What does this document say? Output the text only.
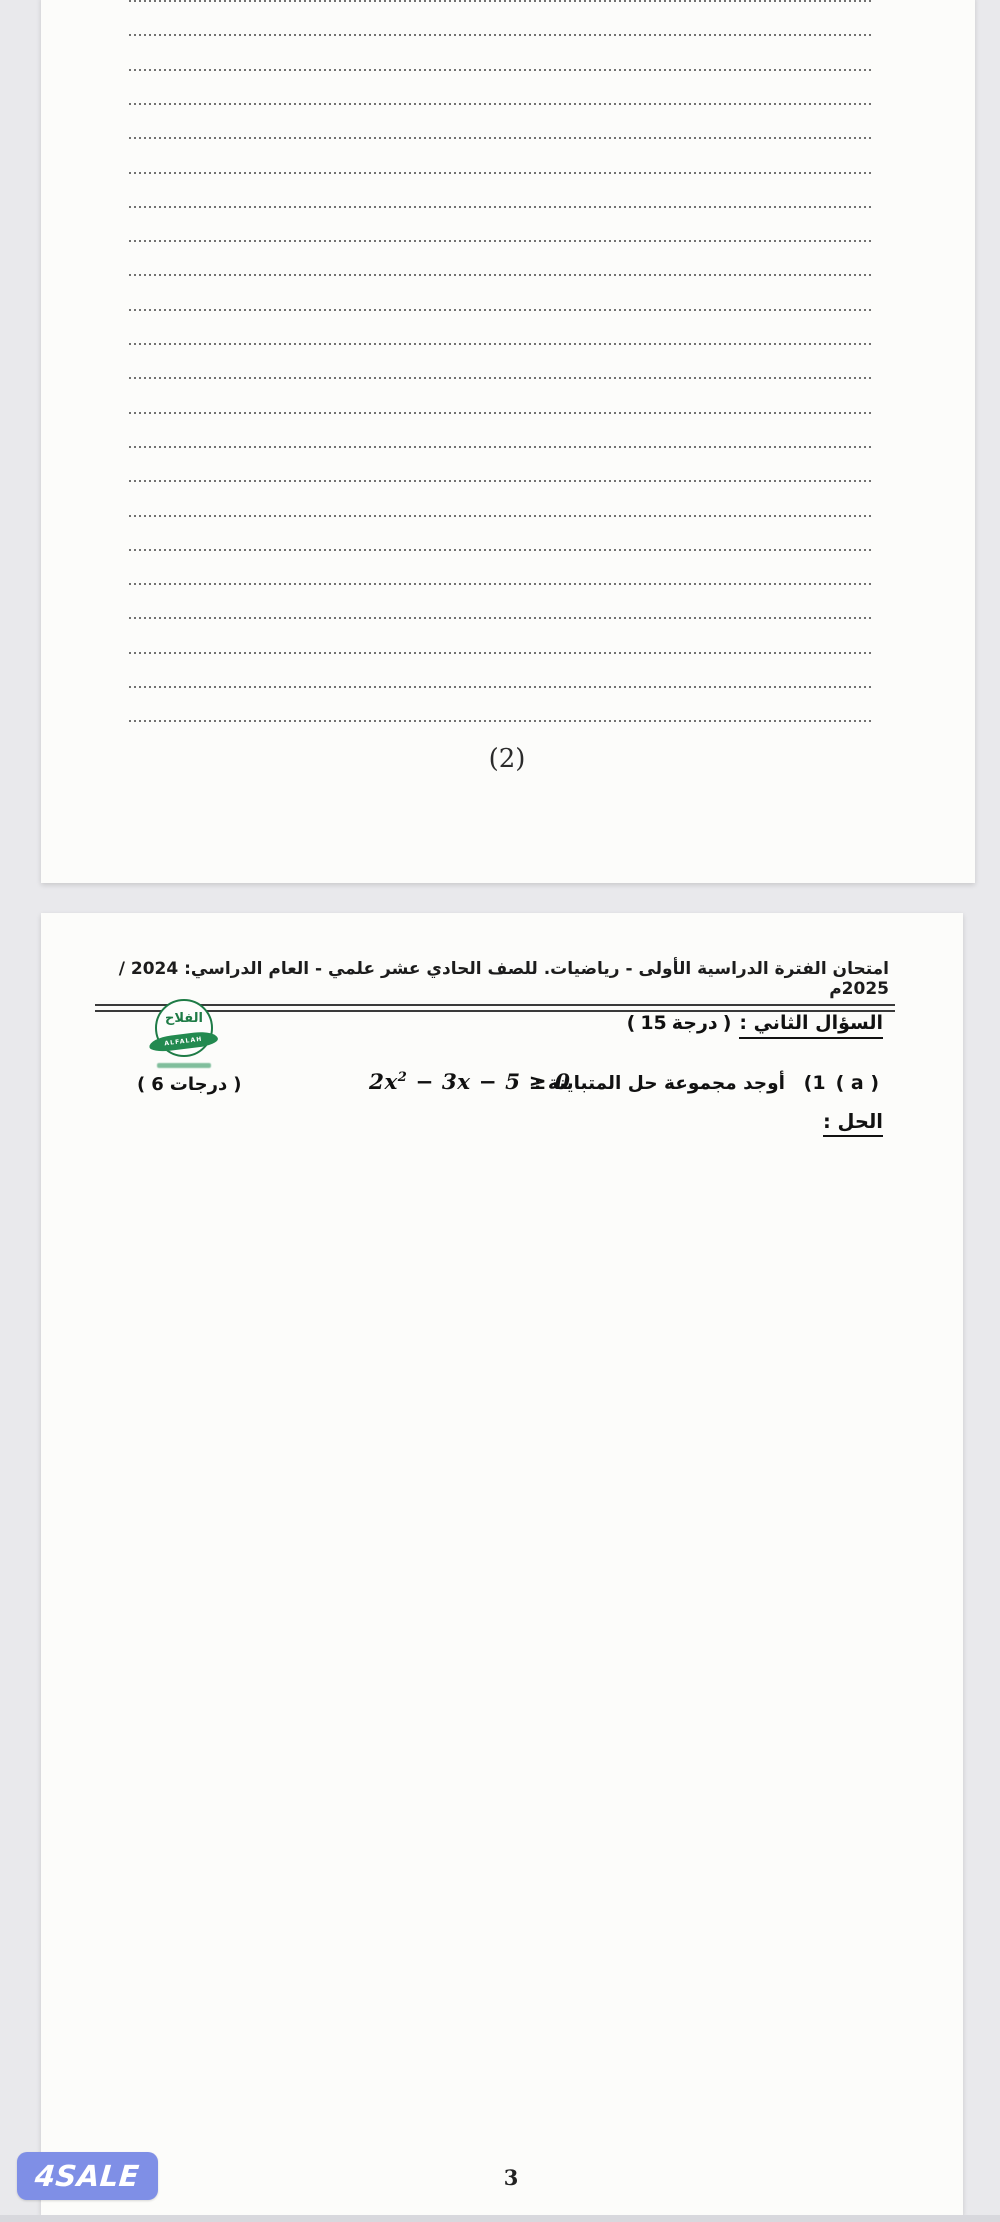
(2)
امتحان الفترة الدراسية الأولى - رياضيات. للصف الحادي عشر علمي - العام الدراسي: 2024 / 2025م
الفلاح
ALFALAH
السؤال الثاني :
( 15 درجة )
(1 ( a )
أوجد مجموعة حل المتباينة :
$2x^2 - 3x - 5 \ge 0$
( 6 درجات )
الحل :
3
4SALE
